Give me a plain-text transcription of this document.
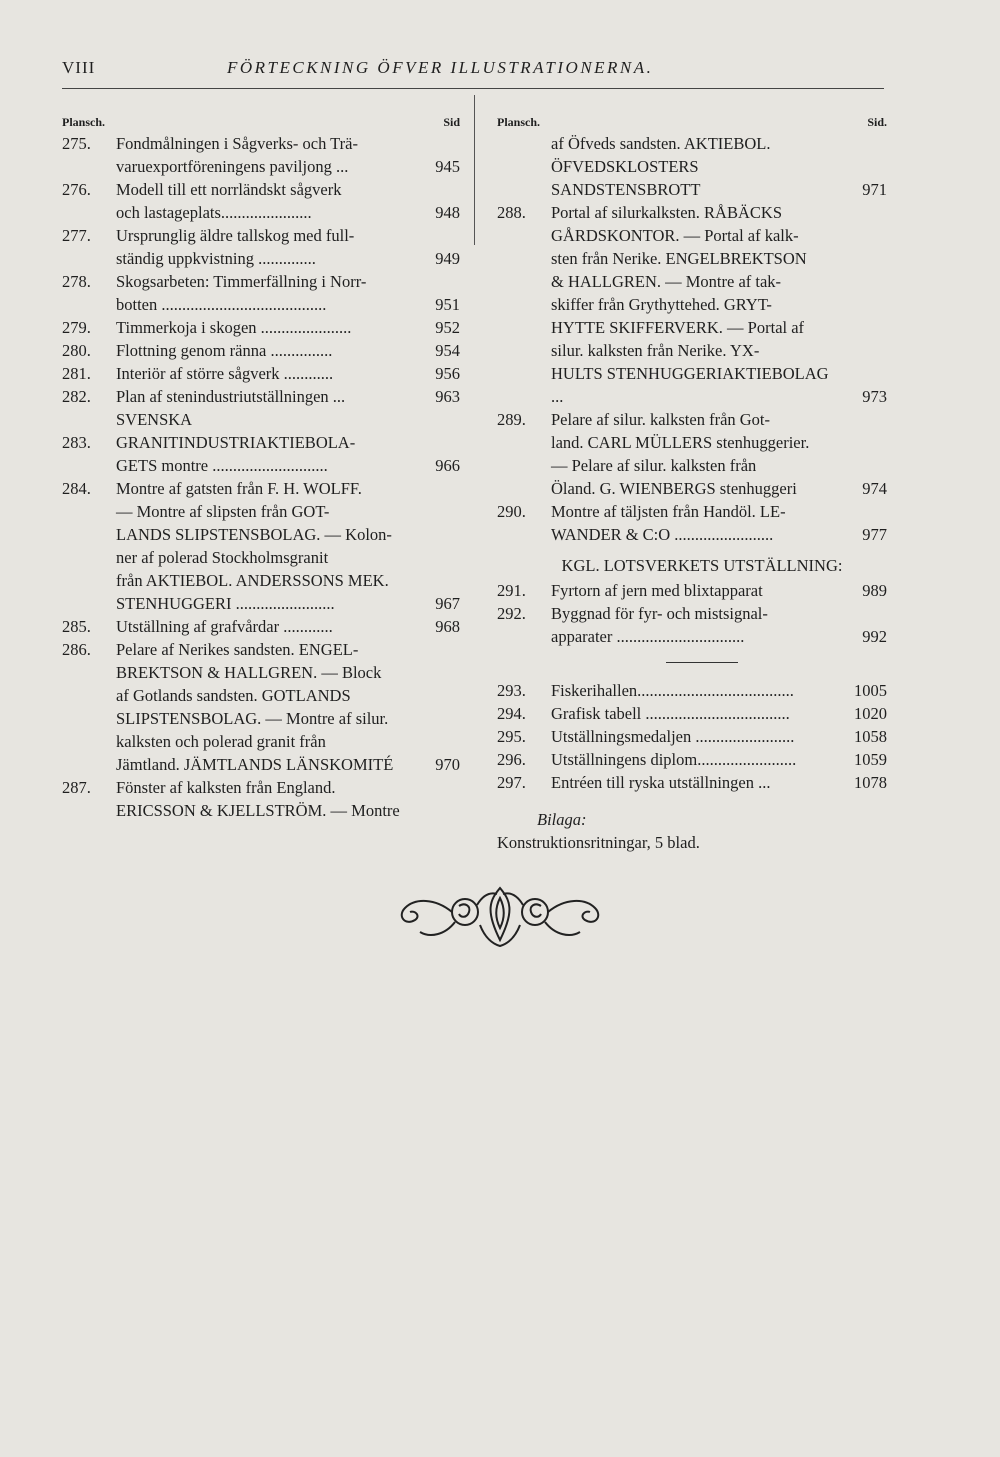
VIII	FÖRTECKNING ÖFVER ILLUSTRATIONERNA.
Plansch.	Sid
275.	Fondmålningen i Sågverks- och Trä-
varuexportföreningens paviljong ...	945
276.	Modell till ett norrländskt sågverk
och lastageplats......................	948
277.	Ursprunglig äldre tallskog med full-
ständig uppkvistning ..............	949
278.	Skogsarbeten: Timmerfällning i Norr-
botten ........................................	951
279.	Timmerkoja i skogen ......................	952
280.	Flottning genom ränna ...............	954
281.	Interiör af större sågverk ............	956
282.	Plan af stenindustriutställningen ...	963
283.
SVENSKA GRANITINDUSTRIAKTIEBOLA-
GETS montre ............................	966
284.	Montre af gatsten från F. H. WOLFF.
— Montre af slipsten från GOT-
LANDS SLIPSTENSBOLAG. — Kolon-
ner af polerad Stockholmsgranit
från AKTIEBOL. ANDERSSONS MEK.
STENHUGGERI ........................	967
285.	Utställning af grafvårdar ............	968
286.	Pelare af Nerikes sandsten. ENGEL-
BREKTSON & HALLGREN. — Block
af Gotlands sandsten. GOTLANDS
SLIPSTENSBOLAG. — Montre af silur.
kalksten och polerad granit från
Jämtland. JÄMTLANDS LÄNSKOMITÉ	970
287.	Fönster af kalksten från England.
ERICSSON & KJELLSTRÖM. — Montre
Plansch.	Sid.
af Öfveds sandsten. AKTIEBOL.
ÖFVEDSKLOSTERS SANDSTENSBROTT	971
288.	Portal af silurkalksten. RÅBÄCKS
GÅRDSKONTOR. — Portal af kalk-
sten från Nerike. ENGELBREKTSON
& HALLGREN. — Montre af tak-
skiffer från Grythyttehed. GRYT-
HYTTE SKIFFERVERK. — Portal af
silur. kalksten från Nerike. YX-
HULTS STENHUGGERIAKTIEBOLAG ...	973
289.	Pelare af silur. kalksten från Got-
land. CARL MÜLLERS stenhuggerier.
— Pelare af silur. kalksten från
Öland. G. WIENBERGS stenhuggeri	974
290.	Montre af täljsten från Handöl. LE-
WANDER & C:O ........................	977
KGL. LOTSVERKETS UTSTÄLLNING:
291.	Fyrtorn af jern med blixtapparat	989
292.	Byggnad för fyr- och mistsignal-
apparater ...............................	992
293.	Fiskerihallen......................................	1005
294.	Grafisk tabell ...................................	1020
295.	Utställningsmedaljen ........................	1058
296.	Utställningens diplom........................	1059
297.	Entréen till ryska utställningen ...	1078
Bilaga:
Konstruktionsritningar, 5 blad.
